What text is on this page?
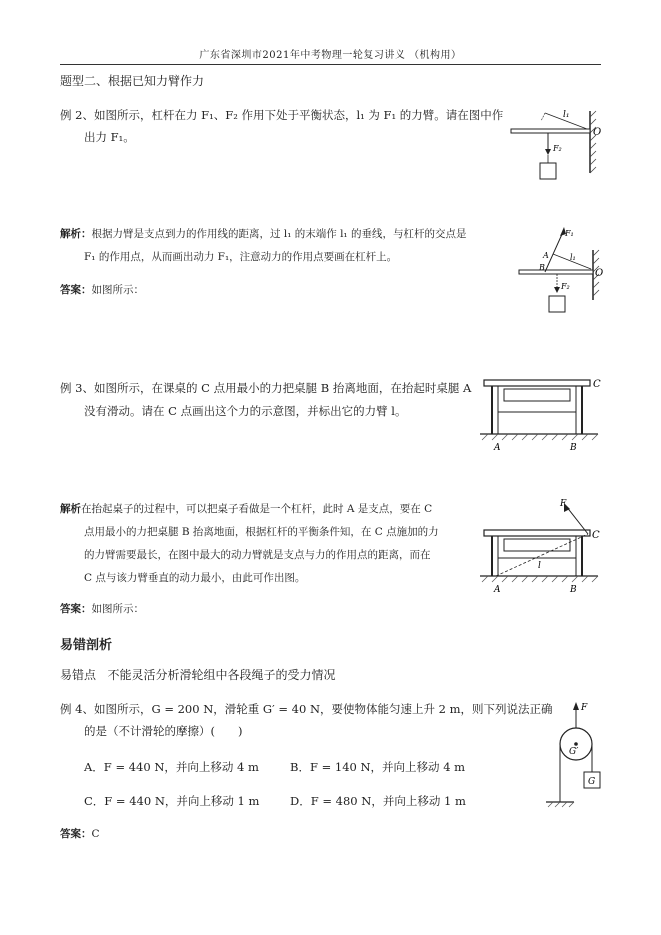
广东省深圳市2021年中考物理一轮复习讲义 （机构用）
题型二、根据已知力臂作力
例 2、如图所示，杠杆在力 F₁、F₂ 作用下处于平衡状态，l₁ 为 F₁ 的力臂。请在图中作
出力 F₁。
l₁
O
F₂
解析：根据力臂是支点到力的作用线的距离，过 l₁ 的末端作 l₁ 的垂线，与杠杆的交点是
F₁ 的作用点，从而画出动力 F₁，注意动力的作用点要画在杠杆上。
答案：如图所示：
F₁
l₁
A
B
O
F₂
例 3、如图所示，在课桌的 C 点用最小的力把桌腿 B 抬离地面，在抬起时桌腿 A
没有滑动。请在 C 点画出这个力的示意图，并标出它的力臂 l。
C
A	B
解析在抬起桌子的过程中，可以把桌子看做是一个杠杆，此时 A 是支点，要在 C
点用最小的力把桌腿 B 抬离地面，根据杠杆的平衡条件知，在 C 点施加的力
的力臂需要最长，在图中最大的动力臂就是支点与力的作用点的距离，而在
C 点与该力臂垂直的动力最小，由此可作出图。
答案：如图所示：
F
C
l
A	B
易错剖析
易错点 不能灵活分析滑轮组中各段绳子的受力情况
例 4、如图所示，G = 200 N，滑轮重 G′ = 40 N，要使物体能匀速上升 2 m，则下列说法正确
的是（不计滑轮的摩擦）(　　)
A．F = 440 N，并向上移动 4 m	B．F = 140 N，并向上移动 4 m
C．F = 440 N，并向上移动 1 m	D．F = 480 N，并向上移动 1 m
F
G′
G
答案：C
